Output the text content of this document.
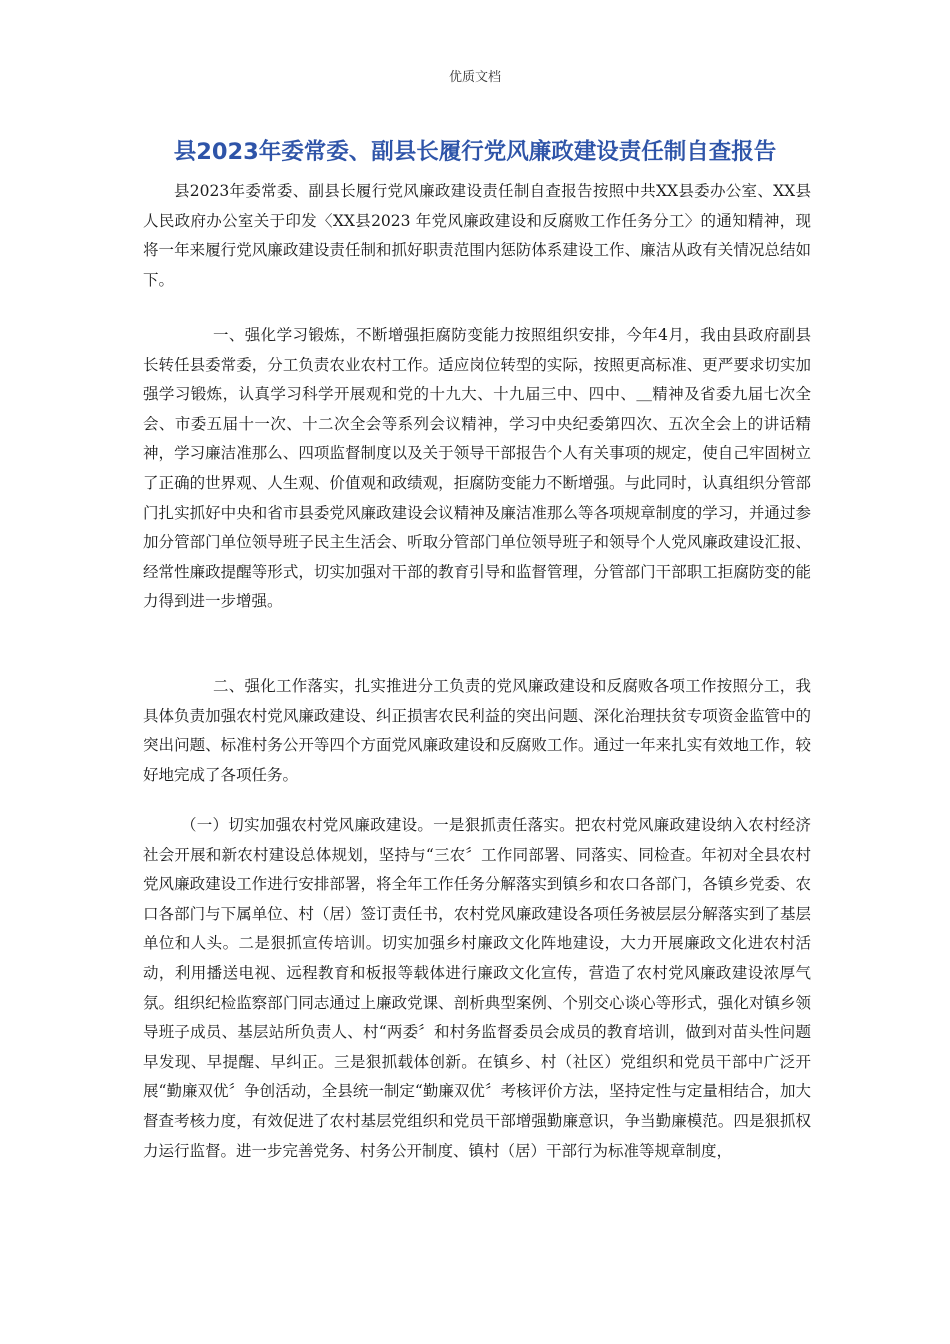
优质文档
县2023年委常委、副县长履行党风廉政建设责任制自查报告

县2023年委常委、副县长履行党风廉政建设责任制自查报告按照中共XX县委办公室、XX县人民政府办公室关于印发〈XX县2023 年党风廉政建设和反腐败工作任务分工〉的通知精神，现将一年来履行党风廉政建设责任制和抓好职责范围内惩防体系建设工作、廉洁从政有关情况总结如下。

一、强化学习锻炼，不断增强拒腐防变能力按照组织安排，今年4月，我由县政府副县长转任县委常委，分工负责农业农村工作。适应岗位转型的实际，按照更高标准、更严要求切实加强学习锻炼，认真学习科学开展观和党的十九大、十九届三中、四中、＿精神及省委九届七次全会、市委五届十一次、十二次全会等系列会议精神，学习中央纪委第四次、五次全会上的讲话精神，学习廉洁准那么、四项监督制度以及关于领导干部报告个人有关事项的规定，使自己牢固树立了正确的世界观、人生观、价值观和政绩观，拒腐防变能力不断增强。与此同时，认真组织分管部门扎实抓好中央和省市县委党风廉政建设会议精神及廉洁准那么等各项规章制度的学习，并通过参加分管部门单位领导班子民主生活会、听取分管部门单位领导班子和领导个人党风廉政建设汇报、经常性廉政提醒等形式，切实加强对干部的教育引导和监督管理，分管部门干部职工拒腐防变的能力得到进一步增强。

二、强化工作落实，扎实推进分工负责的党风廉政建设和反腐败各项工作按照分工，我具体负责加强农村党风廉政建设、纠正损害农民利益的突出问题、深化治理扶贫专项资金监管中的突出问题、标准村务公开等四个方面党风廉政建设和反腐败工作。通过一年来扎实有效地工作，较好地完成了各项任务。

（一）切实加强农村党风廉政建设。一是狠抓责任落实。把农村党风廉政建设纳入农村经济社会开展和新农村建设总体规划，坚持与“三农〞工作同部署、同落实、同检查。年初对全县农村党风廉政建设工作进行安排部署，将全年工作任务分解落实到镇乡和农口各部门，各镇乡党委、农口各部门与下属单位、村（居）签订责任书，农村党风廉政建设各项任务被层层分解落实到了基层单位和人头。二是狠抓宣传培训。切实加强乡村廉政文化阵地建设，大力开展廉政文化进农村活动，利用播送电视、远程教育和板报等载体进行廉政文化宣传，营造了农村党风廉政建设浓厚气氛。组织纪检监察部门同志通过上廉政党课、剖析典型案例、个别交心谈心等形式，强化对镇乡领导班子成员、基层站所负责人、村“两委〞和村务监督委员会成员的教育培训，做到对苗头性问题早发现、早提醒、早纠正。三是狠抓载体创新。在镇乡、村（社区）党组织和党员干部中广泛开展“勤廉双优〞争创活动，全县统一制定“勤廉双优〞考核评价方法，坚持定性与定量相结合，加大督查考核力度，有效促进了农村基层党组织和党员干部增强勤廉意识，争当勤廉模范。四是狠抓权力运行监督。进一步完善党务、村务公开制度、镇村（居）干部行为标准等规章制度，
